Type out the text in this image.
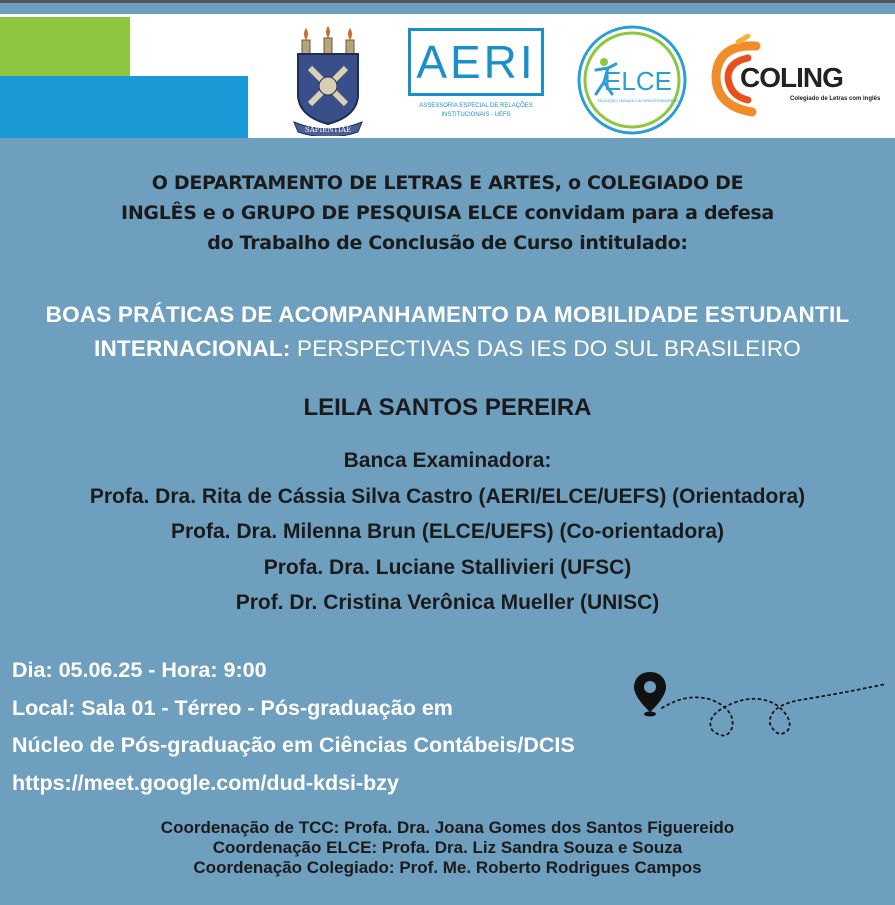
SAPIENTIAE
AERI
ASSESSORIA ESPECIAL DE RELAÇÕES
INSTITUCIONAIS - UEFS
ELCE
EDUCAÇÃO, LÍNGUA E CULTURA ESTRANGEIRAS
COLING
Colegiado de Letras com Inglês
O DEPARTAMENTO DE LETRAS E ARTES, o COLEGIADO DE
INGLÊS e o GRUPO DE PESQUISA ELCE convidam para a defesa
do Trabalho de Conclusão de Curso intitulado:
BOAS PRÁTICAS DE ACOMPANHAMENTO DA MOBILIDADE ESTUDANTIL
INTERNACIONAL: PERSPECTIVAS DAS IES DO SUL BRASILEIRO
LEILA SANTOS PEREIRA
Banca Examinadora:
Profa. Dra. Rita de Cássia Silva Castro (AERI/ELCE/UEFS) (Orientadora)
Profa. Dra. Milenna Brun (ELCE/UEFS) (Co-orientadora)
Profa. Dra. Luciane Stallivieri (UFSC)
Prof. Dr. Cristina Verônica Mueller (UNISC)
Dia: 05.06.25 - Hora: 9:00
Local: Sala 01 - Térreo - Pós-graduação em
Núcleo de Pós-graduação em Ciências Contábeis/DCIS
https://meet.google.com/dud-kdsi-bzy
Coordenação de TCC: Profa. Dra. Joana Gomes dos Santos Figuereido
Coordenação ELCE: Profa. Dra. Liz Sandra Souza e Souza
Coordenação Colegiado: Prof. Me. Roberto Rodrigues Campos
